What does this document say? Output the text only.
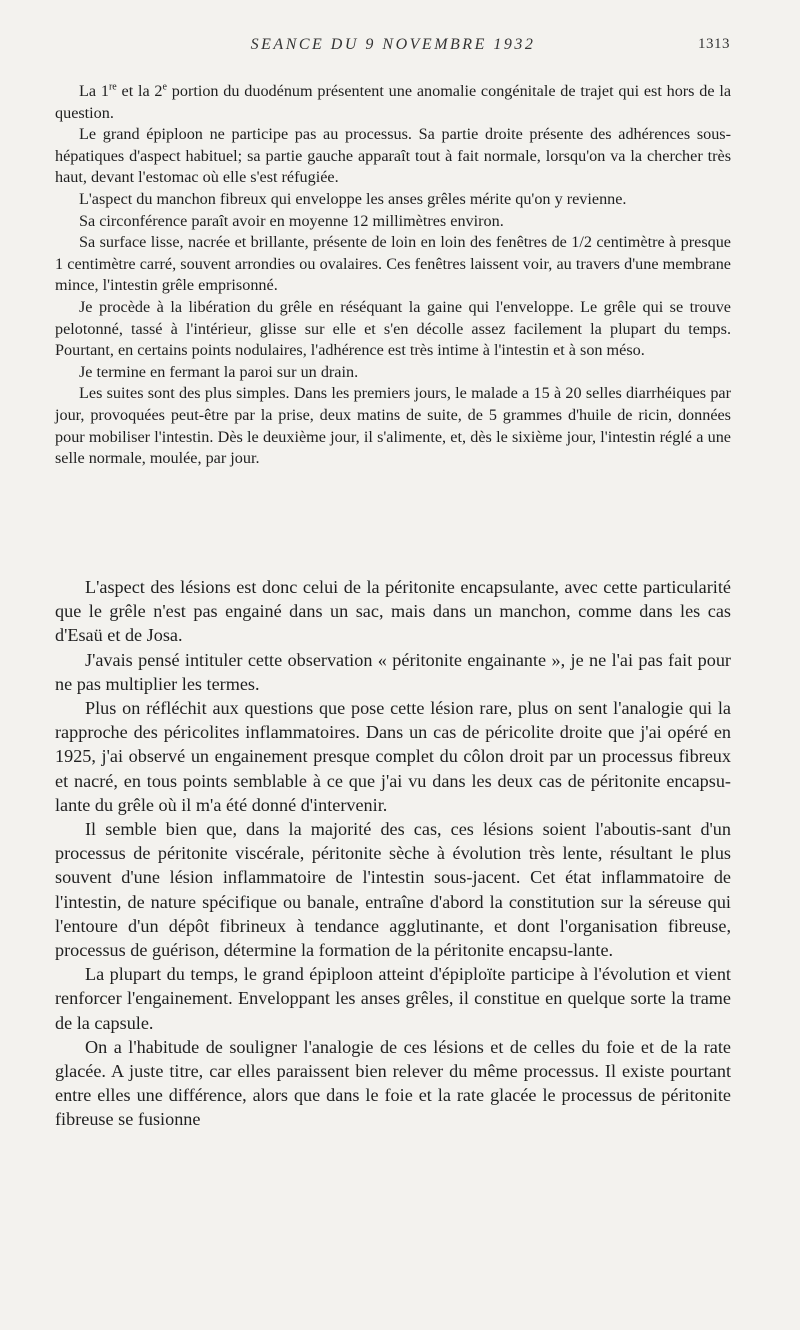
SEANCE DU 9 NOVEMBRE 1932	1313

La 1re et la 2e portion du duodénum présentent une anomalie congénitale de trajet qui est hors de la question.

Le grand épiploon ne participe pas au processus. Sa partie droite présente des adhérences sous-hépatiques d'aspect habituel; sa partie gauche apparaît tout à fait normale, lorsqu'on va la chercher très haut, devant l'estomac où elle s'est réfugiée.

L'aspect du manchon fibreux qui enveloppe les anses grêles mérite qu'on y revienne.

Sa circonférence paraît avoir en moyenne 12 millimètres environ.

Sa surface lisse, nacrée et brillante, présente de loin en loin des fenêtres de 1/2 centimètre à presque 1 centimètre carré, souvent arrondies ou ovalaires. Ces fenêtres laissent voir, au travers d'une membrane mince, l'intestin grêle emprisonné.

Je procède à la libération du grêle en réséquant la gaine qui l'enveloppe. Le grêle qui se trouve pelotonné, tassé à l'intérieur, glisse sur elle et s'en décolle assez facilement la plupart du temps. Pourtant, en certains points nodulaires, l'adhérence est très intime à l'intestin et à son méso.

Je termine en fermant la paroi sur un drain.

Les suites sont des plus simples. Dans les premiers jours, le malade a 15 à 20 selles diarrhéiques par jour, provoquées peut-être par la prise, deux matins de suite, de 5 grammes d'huile de ricin, données pour mobiliser l'intestin. Dès le deuxième jour, il s'alimente, et, dès le sixième jour, l'intestin réglé a une selle normale, moulée, par jour.

L'aspect des lésions est donc celui de la péritonite encapsulante, avec cette particularité que le grêle n'est pas engainé dans un sac, mais dans un manchon, comme dans les cas d'Esaü et de Josa.

J'avais pensé intituler cette observation « péritonite engainante », je ne l'ai pas fait pour ne pas multiplier les termes.

Plus on réfléchit aux questions que pose cette lésion rare, plus on sent l'analogie qui la rapproche des péricolites inflammatoires. Dans un cas de péricolite droite que j'ai opéré en 1925, j'ai observé un engainement presque complet du côlon droit par un processus fibreux et nacré, en tous points semblable à ce que j'ai vu dans les deux cas de péritonite encapsu-lante du grêle où il m'a été donné d'intervenir.

Il semble bien que, dans la majorité des cas, ces lésions soient l'aboutis-sant d'un processus de péritonite viscérale, péritonite sèche à évolution très lente, résultant le plus souvent d'une lésion inflammatoire de l'intestin sous-jacent. Cet état inflammatoire de l'intestin, de nature spécifique ou banale, entraîne d'abord la constitution sur la séreuse qui l'entoure d'un dépôt fibrineux à tendance agglutinante, et dont l'organisation fibreuse, processus de guérison, détermine la formation de la péritonite encapsu-lante.

La plupart du temps, le grand épiploon atteint d'épiploïte participe à l'évolution et vient renforcer l'engainement. Enveloppant les anses grêles, il constitue en quelque sorte la trame de la capsule.

On a l'habitude de souligner l'analogie de ces lésions et de celles du foie et de la rate glacée. A juste titre, car elles paraissent bien relever du même processus. Il existe pourtant entre elles une différence, alors que dans le foie et la rate glacée le processus de péritonite fibreuse se fusionne
